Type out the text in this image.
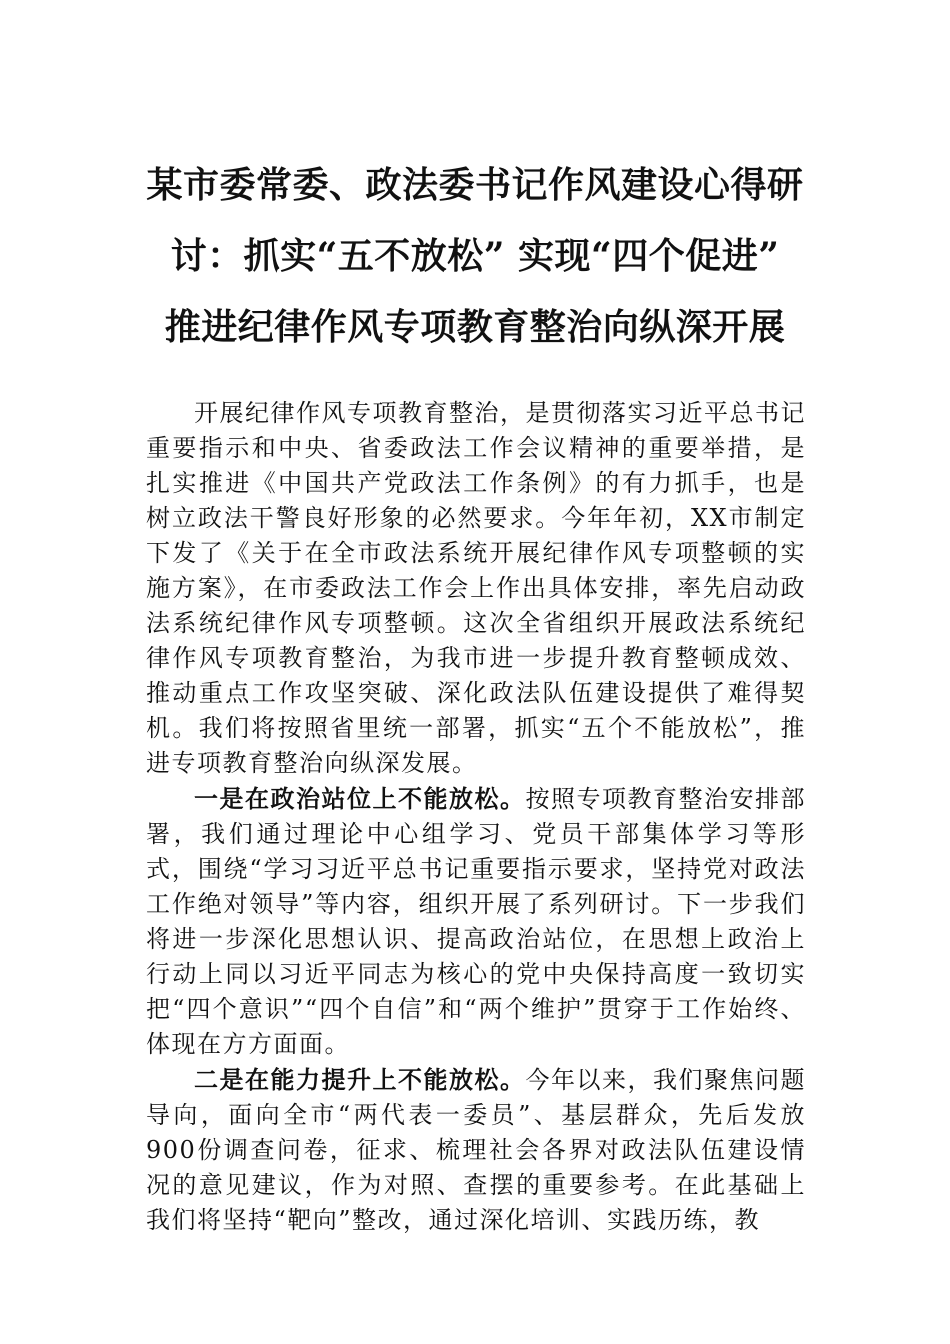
某市委常委、政法委书记作风建设心得研
讨：抓实“五不放松” 实现“四个促进”
推进纪律作风专项教育整治向纵深开展

开展纪律作风专项教育整治，是贯彻落实习近平总书记重要指示和中央、省委政法工作会议精神的重要举措，是扎实推进《中国共产党政法工作条例》的有力抓手，也是树立政法干警良好形象的必然要求。今年年初，XX市制定下发了《关于在全市政法系统开展纪律作风专项整顿的实施方案》，在市委政法工作会上作出具体安排，率先启动政法系统纪律作风专项整顿。这次全省组织开展政法系统纪律作风专项教育整治，为我市进一步提升教育整顿成效、推动重点工作攻坚突破、深化政法队伍建设提供了难得契机。我们将按照省里统一部署，抓实“五个不能放松”，推进专项教育整治向纵深发展。

一是在政治站位上不能放松。按照专项教育整治安排部署，我们通过理论中心组学习、党员干部集体学习等形式，围绕“学习习近平总书记重要指示要求，坚持党对政法工作绝对领导”等内容，组织开展了系列研讨。下一步我们将进一步深化思想认识、提高政治站位，在思想上政治上行动上同以习近平同志为核心的党中央保持高度一致切实把“四个意识”“四个自信”和“两个维护”贯穿于工作始终、体现在方方面面。

二是在能力提升上不能放松。今年以来，我们聚焦问题导向，面向全市“两代表一委员”、基层群众，先后发放900份调查问卷，征求、梳理社会各界对政法队伍建设情况的意见建议，作为对照、查摆的重要参考。在此基础上我们将坚持“靶向”整改，通过深化培训、实践历练，教
